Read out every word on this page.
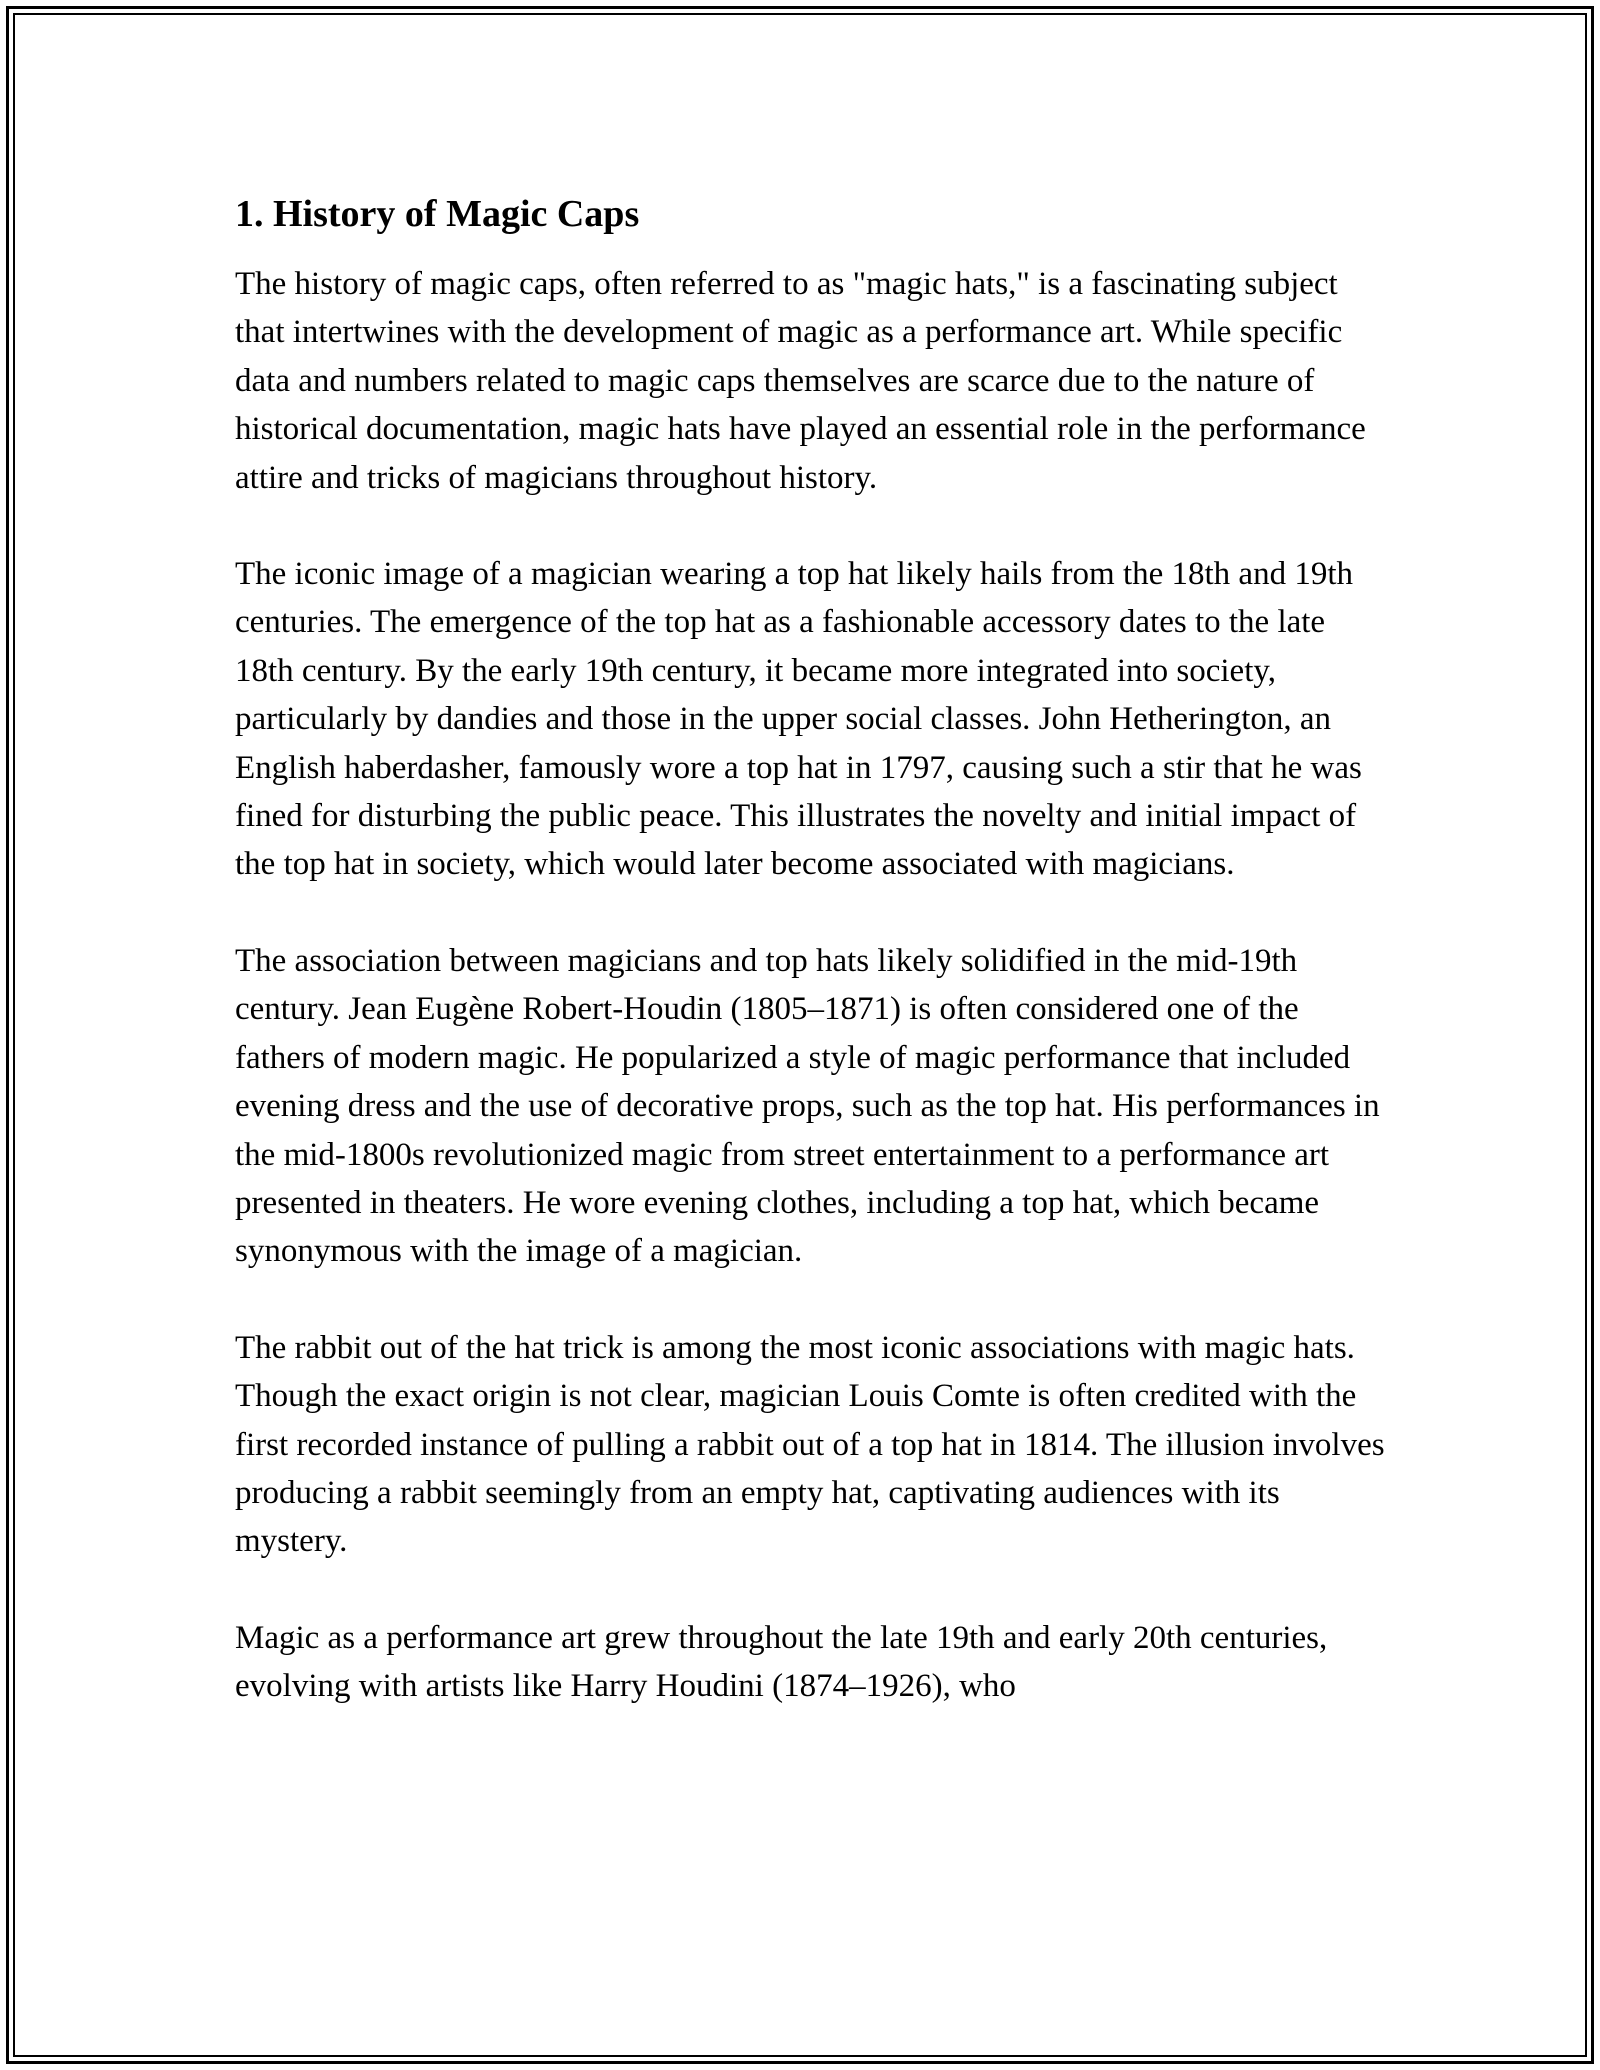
1. History of Magic Caps

The history of magic caps, often referred to as "magic hats," is a fascinating subject that intertwines with the development of magic as a performance art. While specific data and numbers related to magic caps themselves are scarce due to the nature of historical documentation, magic hats have played an essential role in the performance attire and tricks of magicians throughout history.

The iconic image of a magician wearing a top hat likely hails from the 18th and 19th centuries. The emergence of the top hat as a fashionable accessory dates to the late 18th century. By the early 19th century, it became more integrated into society, particularly by dandies and those in the upper social classes. John Hetherington, an English haberdasher, famously wore a top hat in 1797, causing such a stir that he was fined for disturbing the public peace. This illustrates the novelty and initial impact of the top hat in society, which would later become associated with magicians.

The association between magicians and top hats likely solidified in the mid-19th century. Jean Eugène Robert-Houdin (1805–1871) is often considered one of the fathers of modern magic. He popularized a style of magic performance that included evening dress and the use of decorative props, such as the top hat. His performances in the mid-1800s revolutionized magic from street entertainment to a performance art presented in theaters. He wore evening clothes, including a top hat, which became synonymous with the image of a magician.

The rabbit out of the hat trick is among the most iconic associations with magic hats. Though the exact origin is not clear, magician Louis Comte is often credited with the first recorded instance of pulling a rabbit out of a top hat in 1814. The illusion involves producing a rabbit seemingly from an empty hat, captivating audiences with its mystery.

Magic as a performance art grew throughout the late 19th and early 20th centuries, evolving with artists like Harry Houdini (1874–1926), who
